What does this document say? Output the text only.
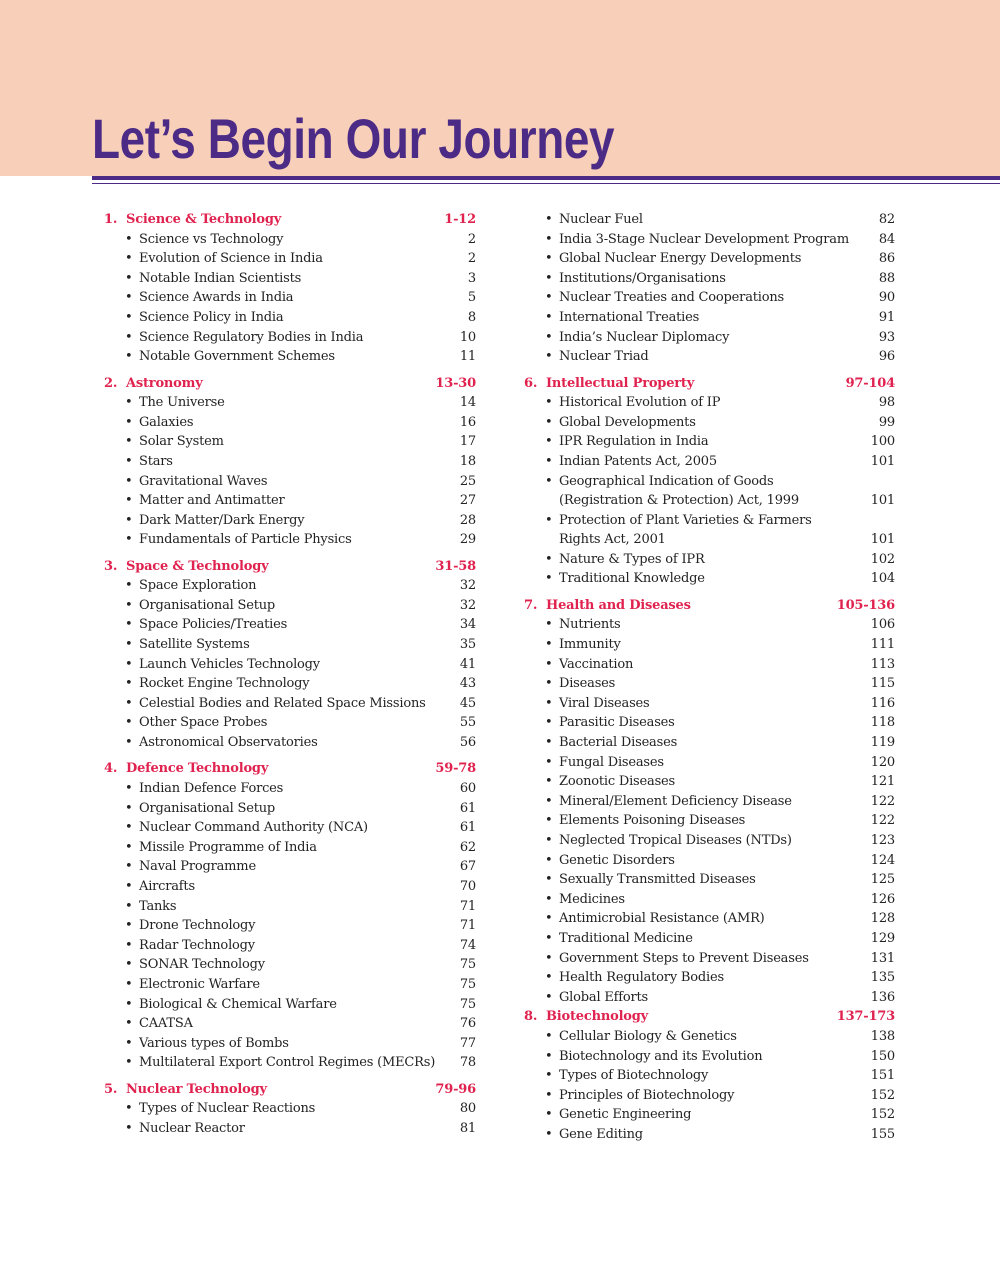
Let’s Begin Our Journey
1. Science & Technology	1-12
• Science vs Technology	2
• Evolution of Science in India	2
• Notable Indian Scientists	3
• Science Awards in India	5
• Science Policy in India	8
• Science Regulatory Bodies in India	10
• Notable Government Schemes	11
2. Astronomy	13-30
• The Universe	14
• Galaxies	16
• Solar System	17
• Stars	18
• Gravitational Waves	25
• Matter and Antimatter	27
• Dark Matter/Dark Energy	28
• Fundamentals of Particle Physics	29
3. Space & Technology	31-58
• Space Exploration	32
• Organisational Setup	32
• Space Policies/Treaties	34
• Satellite Systems	35
• Launch Vehicles Technology	41
• Rocket Engine Technology	43
• Celestial Bodies and Related Space Missions	45
• Other Space Probes	55
• Astronomical Observatories	56
4. Defence Technology	59-78
• Indian Defence Forces	60
• Organisational Setup	61
• Nuclear Command Authority (NCA)	61
• Missile Programme of India	62
• Naval Programme	67
• Aircrafts	70
• Tanks	71
• Drone Technology	71
• Radar Technology	74
• SONAR Technology	75
• Electronic Warfare	75
• Biological & Chemical Warfare	75
• CAATSA	76
• Various types of Bombs	77
• Multilateral Export Control Regimes (MECRs)	78
5. Nuclear Technology	79-96
• Types of Nuclear Reactions	80
• Nuclear Reactor	81
• Nuclear Fuel	82
• India 3-Stage Nuclear Development Program	84
• Global Nuclear Energy Developments	86
• Institutions/Organisations	88
• Nuclear Treaties and Cooperations	90
• International Treaties	91
• India’s Nuclear Diplomacy	93
• Nuclear Triad	96
6. Intellectual Property	97-104
• Historical Evolution of IP	98
• Global Developments	99
• IPR Regulation in India	100
• Indian Patents Act, 2005	101
• Geographical Indication of Goods (Registration & Protection) Act, 1999	101
• Protection of Plant Varieties & Farmers Rights Act, 2001	101
• Nature & Types of IPR	102
• Traditional Knowledge	104
7. Health and Diseases	105-136
• Nutrients	106
• Immunity	111
• Vaccination	113
• Diseases	115
• Viral Diseases	116
• Parasitic Diseases	118
• Bacterial Diseases	119
• Fungal Diseases	120
• Zoonotic Diseases	121
• Mineral/Element Deficiency Disease	122
• Elements Poisoning Diseases	122
• Neglected Tropical Diseases (NTDs)	123
• Genetic Disorders	124
• Sexually Transmitted Diseases	125
• Medicines	126
• Antimicrobial Resistance (AMR)	128
• Traditional Medicine	129
• Government Steps to Prevent Diseases	131
• Health Regulatory Bodies	135
• Global Efforts	136
8. Biotechnology	137-173
• Cellular Biology & Genetics	138
• Biotechnology and its Evolution	150
• Types of Biotechnology	151
• Principles of Biotechnology	152
• Genetic Engineering	152
• Gene Editing	155
